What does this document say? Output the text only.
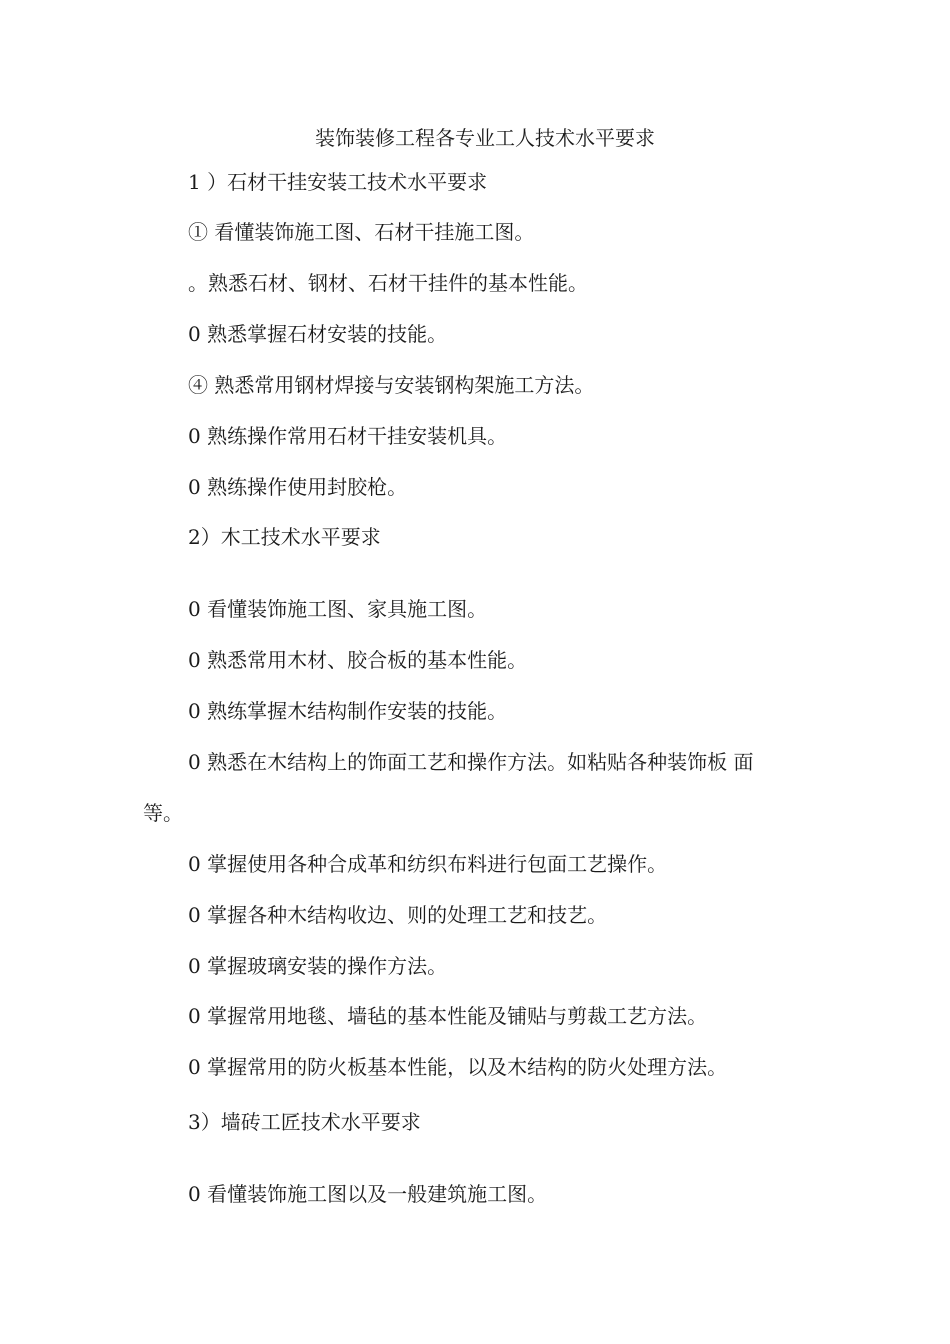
装饰装修工程各专业工人技术水平要求
1 ）石材干挂安装工技术水平要求
① 看懂装饰施工图、石材干挂施工图。
。熟悉石材、钢材、石材干挂件的基本性能。
0 熟悉掌握石材安装的技能。
④ 熟悉常用钢材焊接与安装钢构架施工方法。
0 熟练操作常用石材干挂安装机具。
0 熟练操作使用封胶枪。
2）木工技术水平要求
0 看懂装饰施工图、家具施工图。
0 熟悉常用木材、胶合板的基本性能。
0 熟练掌握木结构制作安装的技能。
0 熟悉在木结构上的饰面工艺和操作方法。如粘贴各种装饰板 面
等。
0 掌握使用各种合成革和纺织布料进行包面工艺操作。
0 掌握各种木结构收边、则的处理工艺和技艺。
0 掌握玻璃安装的操作方法。
0 掌握常用地毯、墙毡的基本性能及铺贴与剪裁工艺方法。
0 掌握常用的防火板基本性能，以及木结构的防火处理方法。
3）墙砖工匠技术水平要求
0 看懂装饰施工图以及一般建筑施工图。
